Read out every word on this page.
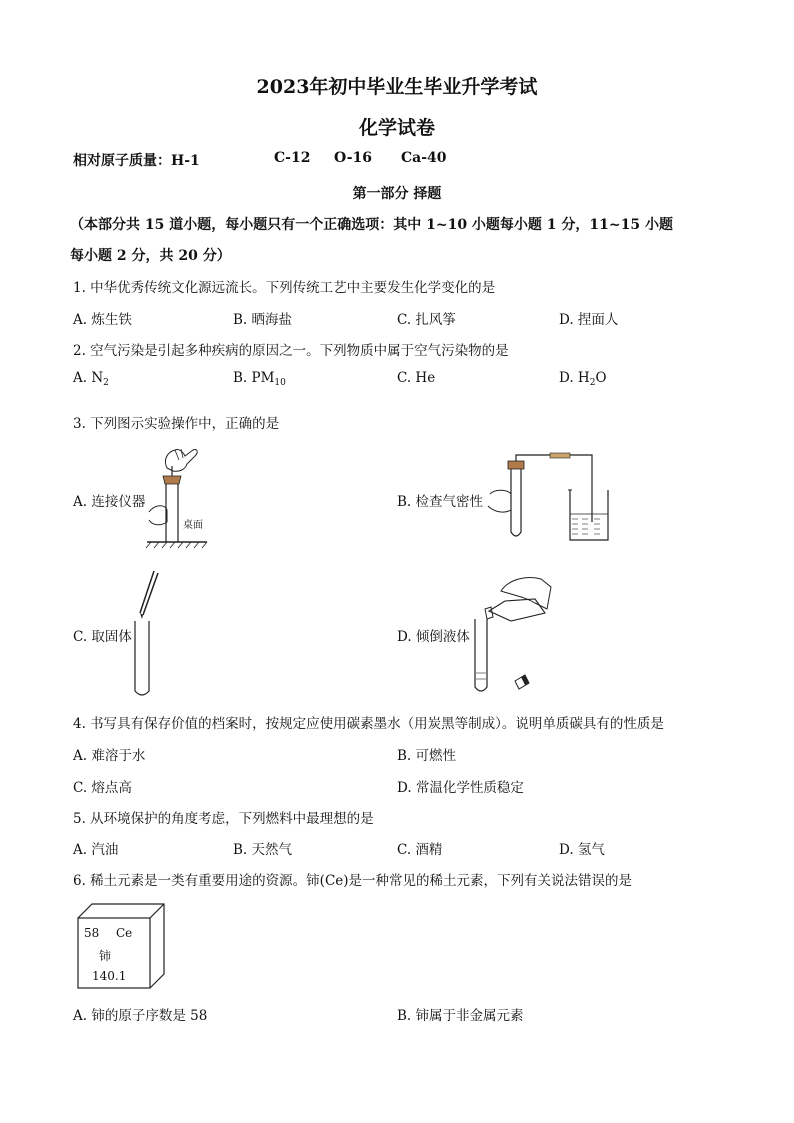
2023年初中毕业生毕业升学考试
化学试卷
相对原子质量：H-1	C-12 O-16 Ca-40
第一部分 择题
（本部分共 15 道小题，每小题只有一个正确选项：其中 1~10 小题每小题 1 分，11~15 小题
每小题 2 分，共 20 分）
1. 中华优秀传统文化源远流长。下列传统工艺中主要发生化学变化的是
A. 炼生铁	B. 晒海盐	C. 扎风筝	D. 捏面人
2. 空气污染是引起多种疾病的原因之一。下列物质中属于空气污染物的是
A. $N_2$	B. $PM_{10}$	C. He	D. $H_2O$
3. 下列图示实验操作中，正确的是
A. 连接仪器	B. 检查气密性
C. 取固体	D. 倾倒液体
桌面
4. 书写具有保存价值的档案时，按规定应使用碳素墨水（用炭黑等制成）。说明单质碳具有的性质是
A. 难溶于水	B. 可燃性
C. 熔点高	D. 常温化学性质稳定
5. 从环境保护的角度考虑，下列燃料中最理想的是
A. 汽油	B. 天然气	C. 酒精	D. 氢气
6. 稀土元素是一类有重要用途的资源。铈(Ce)是一种常见的稀土元素，下列有关说法错误的是
58 Ce
铈
140.1
A. 铈的原子序数是 58	B. 铈属于非金属元素
